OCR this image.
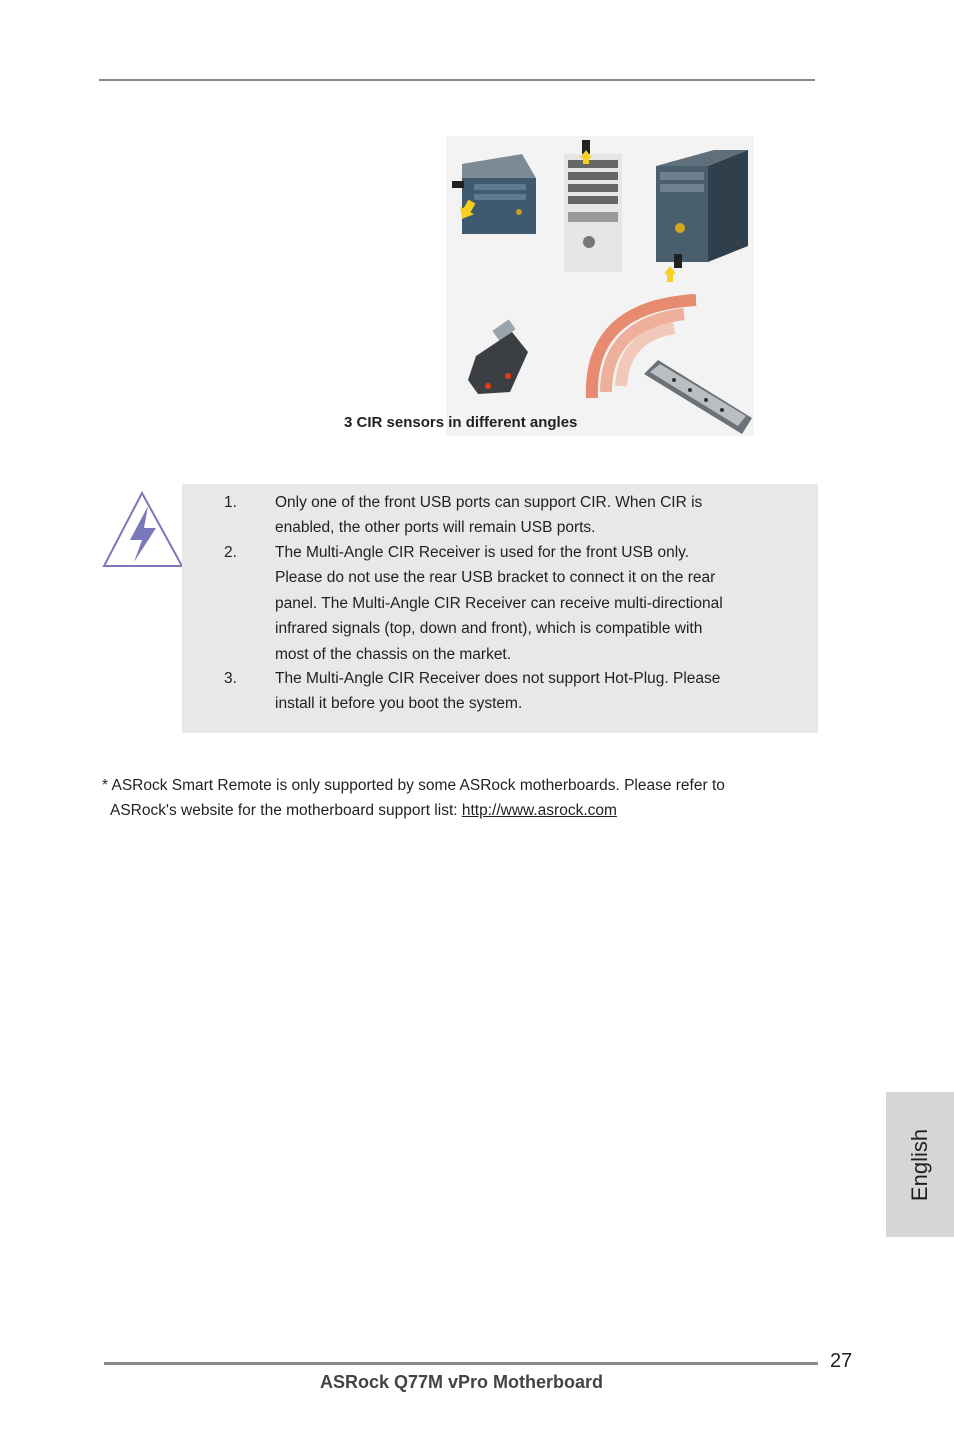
3 CIR sensors in different angles
1. Only one of the front USB ports can support CIR. When CIR is
enabled, the other ports will remain USB ports.
2. The Multi-Angle CIR Receiver is used for the front USB only.
Please do not use the rear USB bracket to connect it on the rear
panel. The Multi-Angle CIR Receiver can receive multi-directional
infrared signals (top, down and front), which is compatible with
most of the chassis on the market.
3. The Multi-Angle CIR Receiver does not support Hot-Plug. Please
install it before you boot the system.
* ASRock Smart Remote is only supported by some ASRock motherboards. Please refer to
ASRock's website for the motherboard support list: http://www.asrock.com
English
27
ASRock Q77M vPro Motherboard
